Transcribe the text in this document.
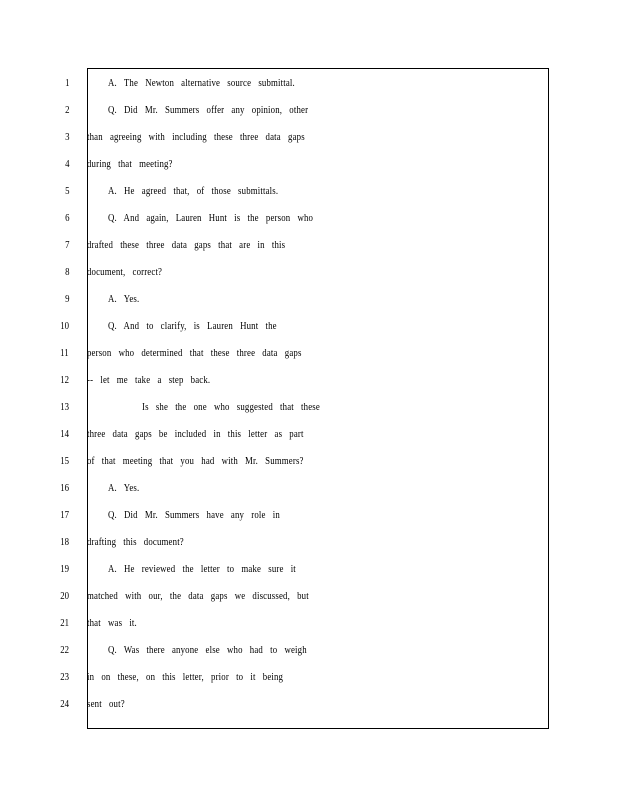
1
2
3
4
5
6
7
8
9
10
11
12
13
14
15
16
17
18
19
20
21
22
23
24
A. The Newton alternative source submittal.
Q. Did Mr. Summers offer any opinion, other
than agreeing with including these three data gaps
during that meeting?
A. He agreed that, of those submittals.
Q. And again, Lauren Hunt is the person who
drafted these three data gaps that are in this
document, correct?
A. Yes.
Q. And to clarify, is Lauren Hunt the
person who determined that these three data gaps
-- let me take a step back.
Is she the one who suggested that these
three data gaps be included in this letter as part
of that meeting that you had with Mr. Summers?
A. Yes.
Q. Did Mr. Summers have any role in
drafting this document?
A. He reviewed the letter to make sure it
matched with our, the data gaps we discussed, but
that was it.
Q. Was there anyone else who had to weigh
in on these, on this letter, prior to it being
sent out?
